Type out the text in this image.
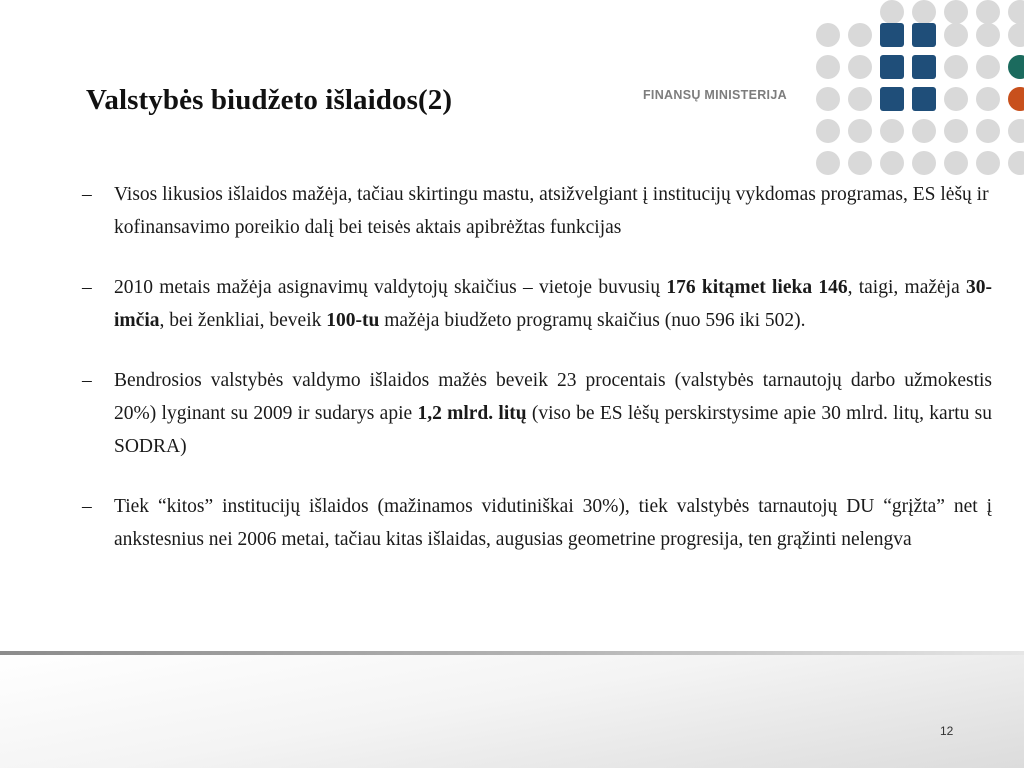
Valstybės biudžeto išlaidos(2)	FINANSŲ MINISTERIJA
– Visos likusios išlaidos mažėja, tačiau skirtingu mastu, atsižvelgiant į institucijų vykdomas programas, ES lėšų ir kofinansavimo poreikio dalį bei teisės aktais apibrėžtas funkcijas
– 2010 metais mažėja asignavimų valdytojų skaičius – vietoje buvusių 176 kitąmet lieka 146, taigi, mažėja 30-imčia, bei ženkliai, beveik 100-tu mažėja biudžeto programų skaičius (nuo 596 iki 502).
– Bendrosios valstybės valdymo išlaidos mažės beveik 23 procentais (valstybės tarnautojų darbo užmokestis 20%) lyginant su 2009 ir sudarys apie 1,2 mlrd. litų (viso be ES lėšų perskirstysime apie 30 mlrd. litų, kartu su SODRA)
– Tiek “kitos” institucijų išlaidos (mažinamos vidutiniškai 30%), tiek valstybės tarnautojų DU “grįžta” net į ankstesnius nei 2006 metai, tačiau kitas išlaidas, augusias geometrine progresija, ten grąžinti nelengva
12
